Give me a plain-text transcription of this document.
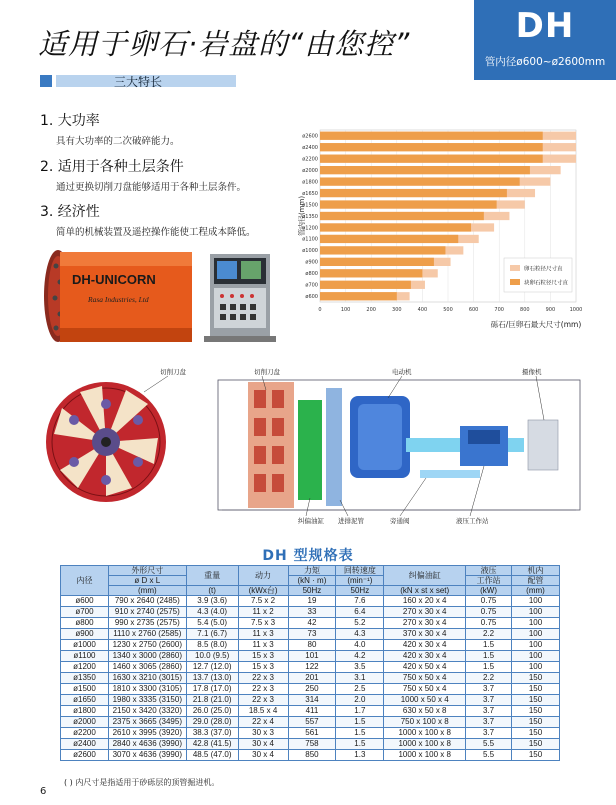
适用于卵石·岩盘的“由您控”	DH
管内径ø600~ø2600mm
三大特长
1. 大功率
具有大功率的二次破碎能力。
2. 适用于各种土层条件
通过更换切削刀盘能够适用于各种土层条件。
3. 经济性
简单的机械装置及遥控操作能使工程成本降低。
DH-UNICORN
Rasa Industries, Ltd
ø2600
ø2400
ø2200
ø2000
ø1800
ø1650
ø1500
ø1350
ø1200
ø1100
ø1000
ø900
ø800
ø700
ø600
0	100	200	300	400	500	600	700	800	900	1000
管内径(mm)
砾石/巨卵石最大尺寸(mm)
卵石粒径尺寸直
块卵石粒径尺寸直
切削刀盘	切削刀盘	电动机	摄像机
纠偏油缸 进排泥管	旁通阀	液压工作站
DH 型规格表
内径	外形尺寸	重量	动力	力矩	回转速度	纠偏油缸	液压	机内
	ø D x L			(kN · m)	(min⁻¹)		工作站	配管
	(mm)	(t)	(kWx台)	50Hz	50Hz	(kN x st x set)	(kW)	(mm)
ø600	790 x 2640 (2485)	3.9 (3.6)	7.5 x 2	19	7.6	160 x 20 x 4	0.75	100
ø700	910 x 2740 (2575)	4.3 (4.0)	11 x 2	33	6.4	270 x 30 x 4	0.75	100
ø800	990 x 2735 (2575)	5.4 (5.0)	7.5 x 3	42	5.2	270 x 30 x 4	0.75	100
ø900	1110 x 2760 (2585)	7.1 (6.7)	11 x 3	73	4.3	370 x 30 x 4	2.2	100
ø1000	1230 x 2750 (2600)	8.5 (8.0)	11 x 3	80	4.0	420 x 30 x 4	1.5	100
ø1100	1340 x 3000 (2860)	10.0 (9.5)	15 x 3	101	4.2	420 x 30 x 4	1.5	100
ø1200	1460 x 3065 (2860)	12.7 (12.0)	15 x 3	122	3.5	420 x 50 x 4	1.5	100
ø1350	1630 x 3210 (3015)	13.7 (13.0)	22 x 3	201	3.1	750 x 50 x 4	2.2	150
ø1500	1810 x 3300 (3105)	17.8 (17.0)	22 x 3	250	2.5	750 x 50 x 4	3.7	150
ø1650	1980 x 3335 (3150)	21.8 (21.0)	22 x 3	314	2.0	1000 x 50 x 4	3.7	150
ø1800	2150 x 3420 (3320)	26.0 (25.0)	18.5 x 4	411	1.7	630 x 50 x 8	3.7	150
ø2000	2375 x 3665 (3495)	29.0 (28.0)	22 x 4	557	1.5	750 x 100 x 8	3.7	150
ø2200	2610 x 3995 (3920)	38.3 (37.0)	30 x 3	561	1.5	1000 x 100 x 8	3.7	150
ø2400	2840 x 4636 (3990)	42.8 (41.5)	30 x 4	758	1.5	1000 x 100 x 8	5.5	150
ø2600	3070 x 4636 (3990)	48.5 (47.0)	30 x 4	850	1.3	1000 x 100 x 8	5.5	150
( ) 内尺寸是指适用于砂砾层的顶管掘进机。
6
